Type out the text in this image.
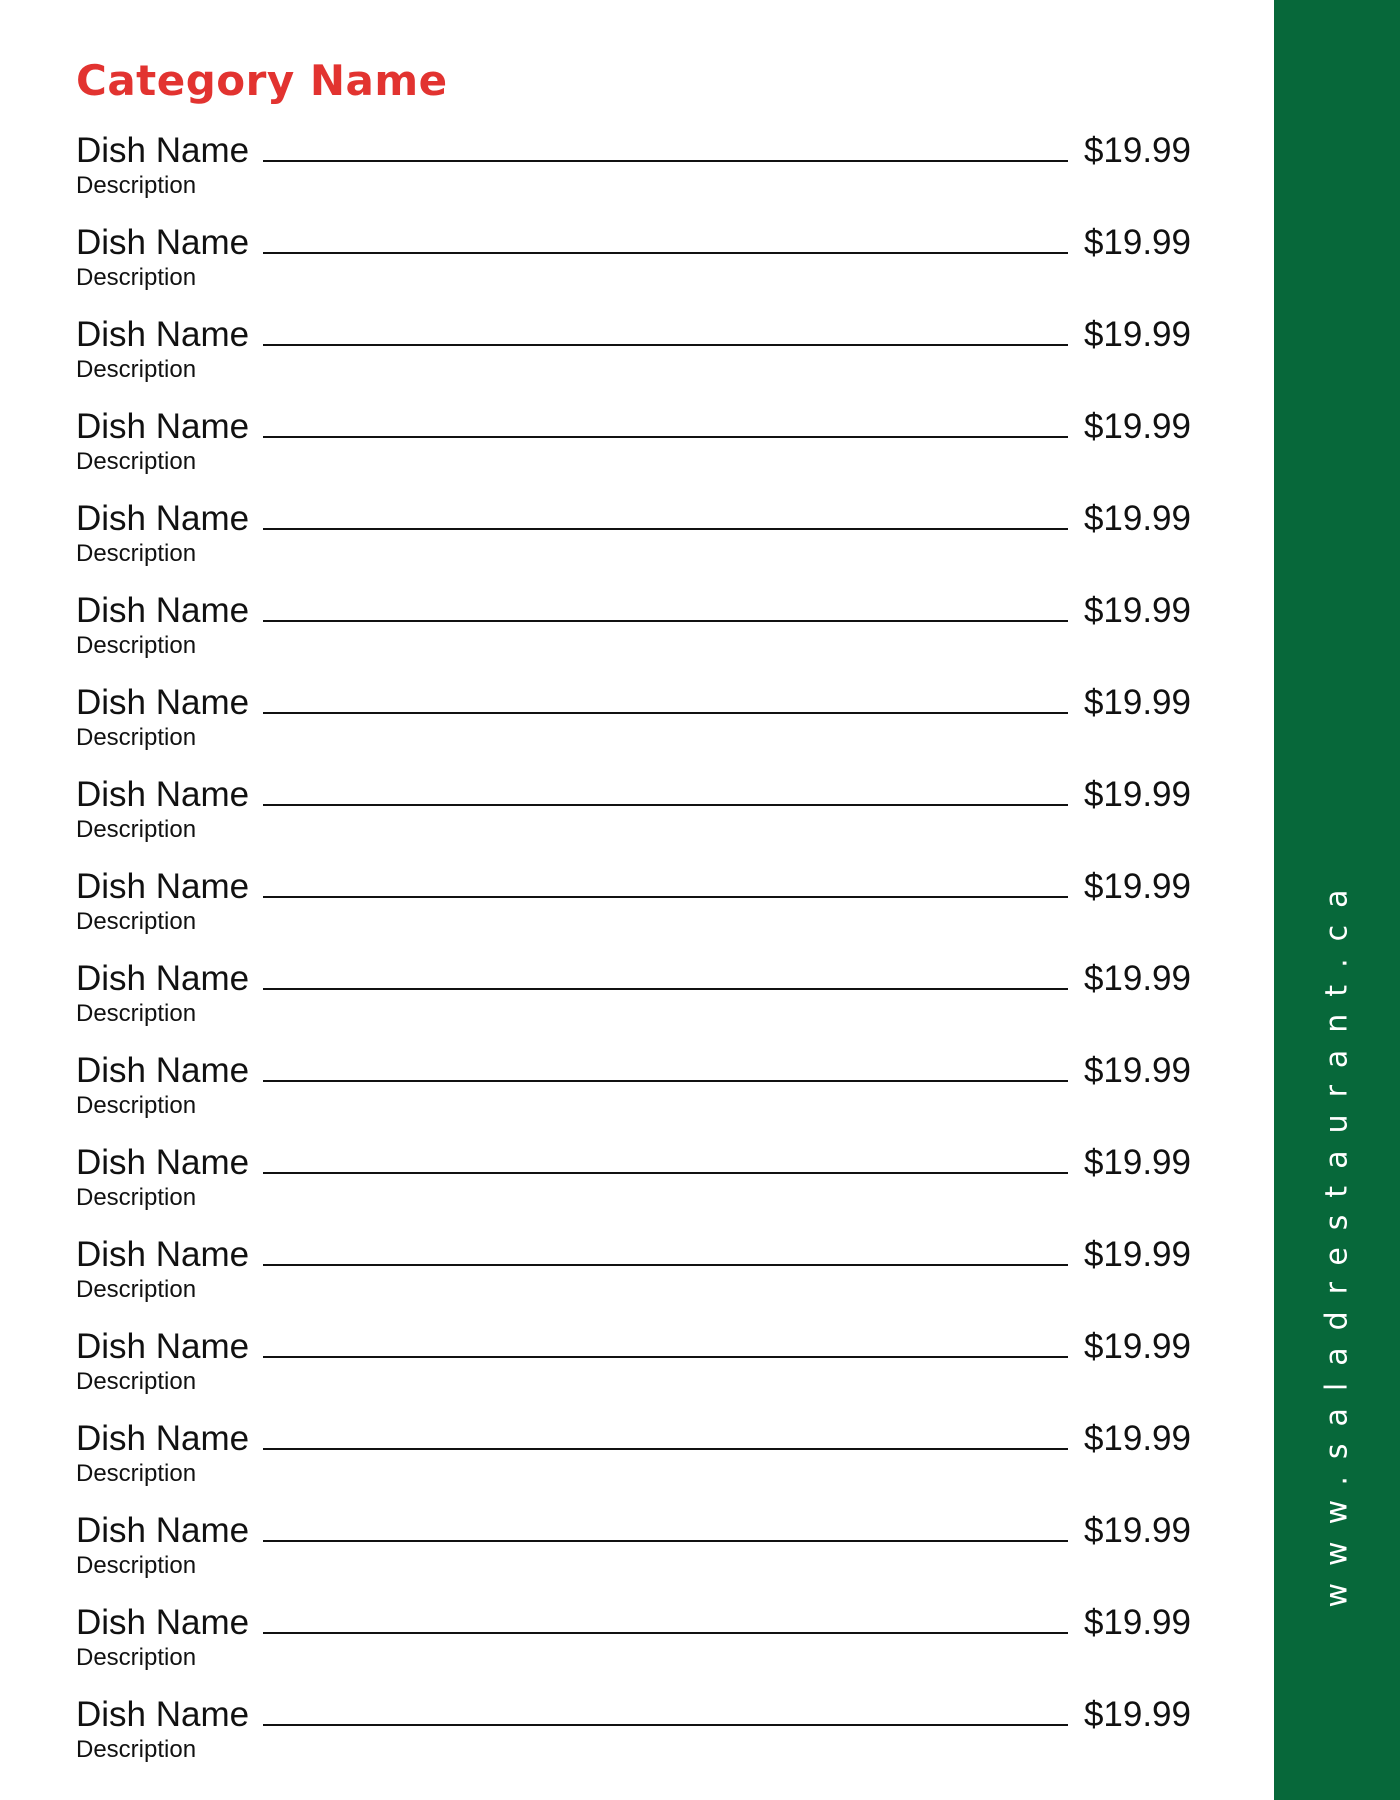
Category Name
Dish Name	$19.99
Description
Dish Name	$19.99
Description
Dish Name	$19.99
Description
Dish Name	$19.99
Description
Dish Name	$19.99
Description
Dish Name	$19.99
Description
Dish Name	$19.99
Description
Dish Name	$19.99
Description
Dish Name	$19.99
Description
Dish Name	$19.99
Description
Dish Name	$19.99
Description
Dish Name	$19.99
Description
Dish Name	$19.99
Description
Dish Name	$19.99
Description
Dish Name	$19.99
Description
Dish Name	$19.99
Description
Dish Name	$19.99
Description
Dish Name	$19.99
Description
www.saladrestaurant.ca
